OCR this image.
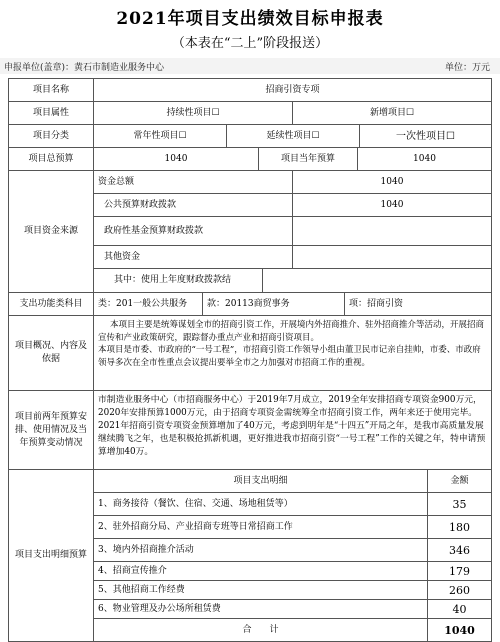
2021年项目支出绩效目标申报表
（本表在“二上”阶段报送）
申报单位(盖章)：黄石市制造业服务中心	单位：万元
项目名称	招商引资专项
项目属性	持续性项目☐	新增项目☐
项目分类	常年性项目☐	延续性项目☐	一次性项目☐
项目总预算	1040	项目当年预算	1040
项目资金来源
资金总额	1040
公共预算财政拨款	1040
政府性基金预算财政拨款
其他资金
其中：使用上年度财政拨款结
支出功能类科目	类：201一般公共服务	款：20113商贸事务	项：招商引资
项目概况、内容及依据
本项目主要是统筹谋划全市的招商引资工作，开展境内外招商推介、驻外招商推介等活动，开展招商宣传和产业政策研究，跟踪督办重点产业和招商引资项目。
本项目是市委、市政府的“一号工程”，市招商引资工作领导小组由董卫民市记亲自挂帅，市委、市政府领导多次在全市性重点会议提出要举全市之力加强对市招商工作的重视。
项目前两年预算安排、使用情况及当年预算变动情况
市制造业服务中心（市招商服务中心）于2019年7月成立，2019全年安排招商专项资金900万元，2020年安排预算1000万元，由于招商专项资金需统筹全市招商引资工作，两年来还于使用完毕。2021年招商引资专项资金预算增加了40万元，考虑到明年是“十四五”开局之年，是我市高质量发展继续腾飞之年，也是积极抢抓新机遇，更好推进我市招商引资“一号工程”工作的关键之年，特申请预算增加40万。
项目支出明细预算
项目支出明细	金额
1、商务接待（餐饮、住宿、交通、场地租赁等）	35
2、驻外招商分局、产业招商专班等日常招商工作	180
3、境内外招商推介活动	346
4、招商宣传推介	179
5、其他招商工作经费	260
6、物业管理及办公场所租赁费	40
合　　计	1040
